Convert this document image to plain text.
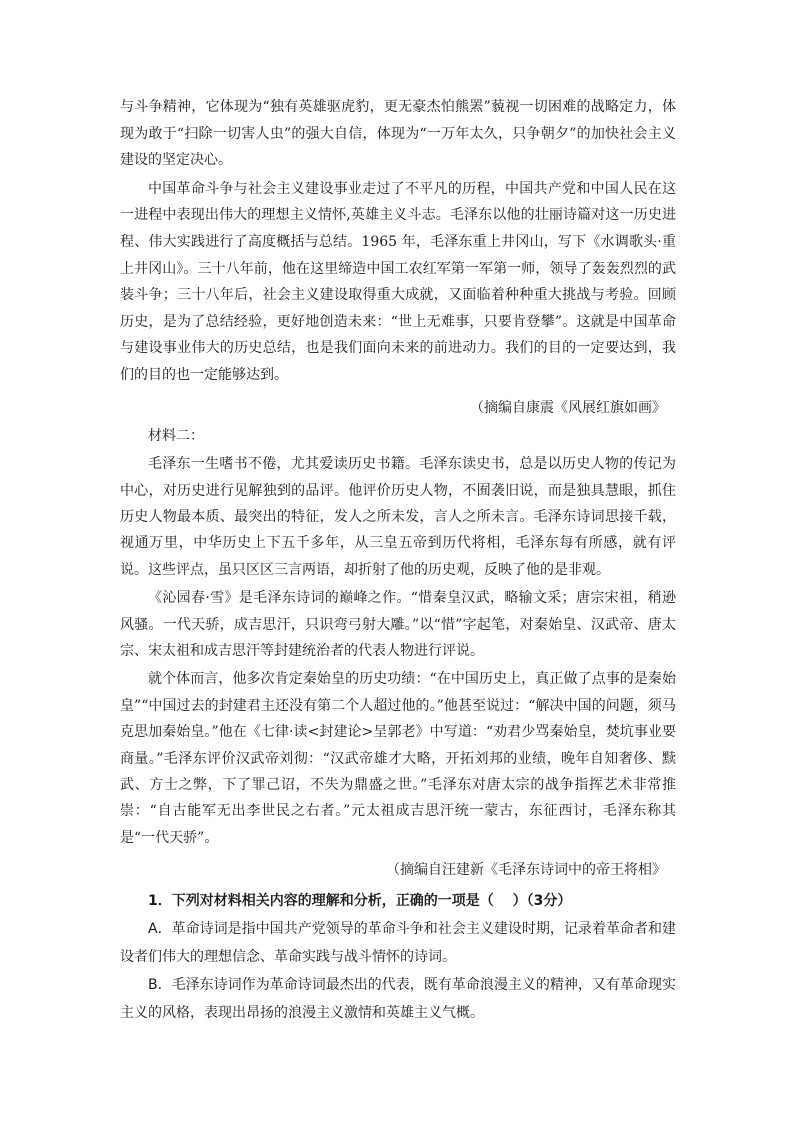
与斗争精神，它体现为“独有英雄驱虎豹，更无豪杰怕熊罴”藐视一切困难的战略定力，体现为敢于“扫除一切害人虫”的强大自信，体现为“一万年太久，只争朝夕”的加快社会主义建设的坚定决心。

中国革命斗争与社会主义建设事业走过了不平凡的历程，中国共产党和中国人民在这一进程中表现出伟大的理想主义情怀,英雄主义斗志。毛泽东以他的壮丽诗篇对这一历史进程、伟大实践进行了高度概括与总结。1965 年，毛泽东重上井冈山，写下《水调歌头·重上井冈山》。三十八年前，他在这里缔造中国工农红军第一军第一师，领导了轰轰烈烈的武装斗争；三十八年后，社会主义建设取得重大成就，又面临着种种重大挑战与考验。回顾历史，是为了总结经验，更好地创造未来：“世上无难事，只要肯登攀”。这就是中国革命与建设事业伟大的历史总结，也是我们面向未来的前进动力。我们的目的一定要达到，我们的目的也一定能够达到。

（摘编自康震《风展红旗如画》

材料二：

毛泽东一生嗜书不倦，尤其爱读历史书籍。毛泽东读史书，总是以历史人物的传记为中心，对历史进行见解独到的品评。他评价历史人物，不囿袭旧说，而是独具慧眼，抓住历史人物最本质、最突出的特征，发人之所未发，言人之所未言。毛泽东诗词思接千载，视通万里，中华历史上下五千多年，从三皇五帝到历代将相，毛泽东每有所感，就有评说。这些评点，虽只区区三言两语，却折射了他的历史观，反映了他的是非观。

《沁园春·雪》是毛泽东诗词的巅峰之作。“惜秦皇汉武，略输文采；唐宗宋祖，稍逊风骚。一代天骄，成吉思汗，只识弯弓射大雕。”以“惜”字起笔，对秦始皇、汉武帝、唐太宗、宋太祖和成吉思汗等封建统治者的代表人物进行评说。

就个体而言，他多次肯定秦始皇的历史功绩：“在中国历史上，真正做了点事的是秦始皇”“中国过去的封建君主还没有第二个人超过他的。”他甚至说过：“解决中国的问题，须马克思加秦始皇。”他在《七律·读<封建论>呈郭老》中写道：“劝君少骂秦始皇，焚坑事业要商量。”毛泽东评价汉武帝刘彻：“汉武帝雄才大略，开拓刘邦的业绩，晚年自知奢侈、黩武、方士之弊，下了罪己诏，不失为鼎盛之世。”毛泽东对唐太宗的战争指挥艺术非常推崇：“自古能军无出李世民之右者。”元太祖成吉思汗统一蒙古，东征西讨，毛泽东称其是“一代天骄”。

（摘编自汪建新《毛泽东诗词中的帝王将相》

1．下列对材料相关内容的理解和分析，正确的一项是（　 ）（3分）

A．革命诗词是指中国共产党领导的革命斗争和社会主义建设时期，记录着革命者和建设者们伟大的理想信念、革命实践与战斗情怀的诗词。

B．毛泽东诗词作为革命诗词最杰出的代表，既有革命浪漫主义的精神，又有革命现实主义的风格，表现出昂扬的浪漫主义激情和英雄主义气概。
